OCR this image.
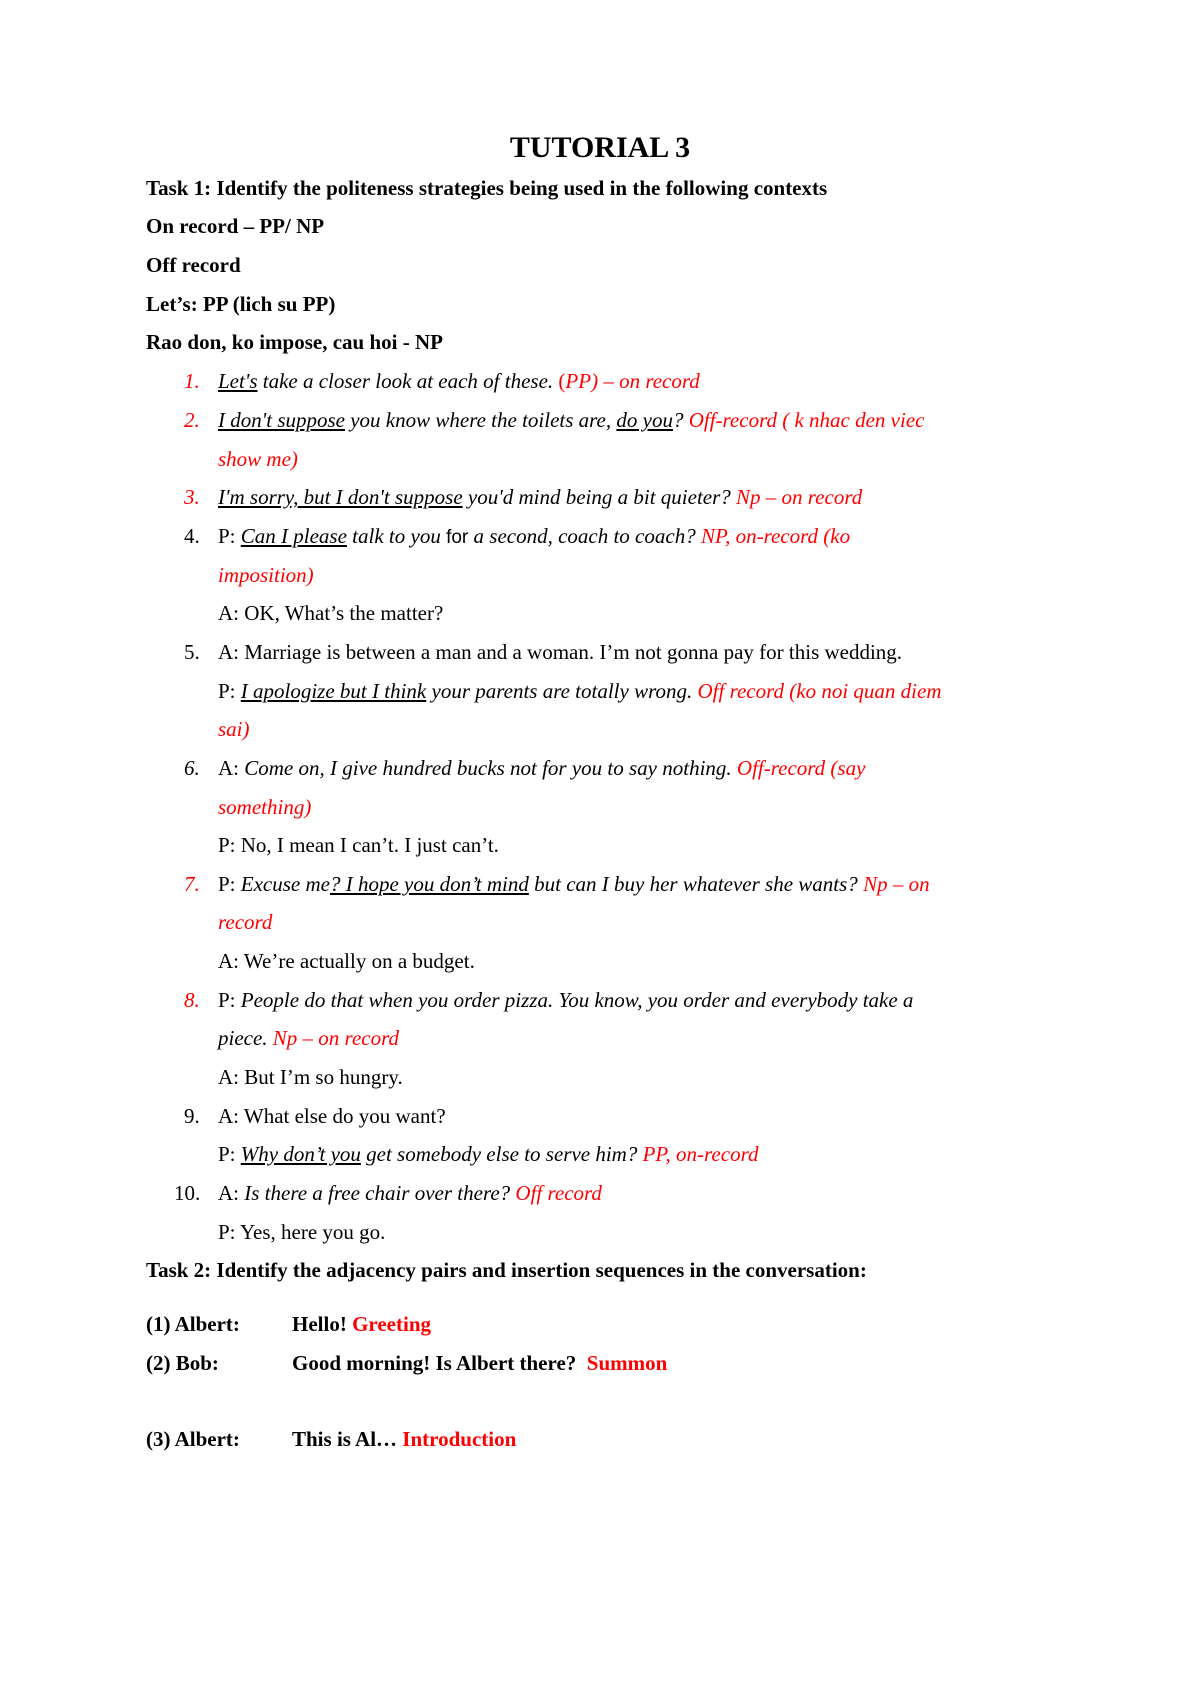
TUTORIAL 3
Task 1: Identify the politeness strategies being used in the following contexts
On record – PP/ NP
Off record
Let’s: PP (lich su PP)
Rao don, ko impose, cau hoi - NP
1. Let's take a closer look at each of these. (PP) – on record
2. I don't suppose you know where the toilets are, do you? Off-record ( k nhac den viec
show me)
3. I'm sorry, but I don't suppose you'd mind being a bit quieter? Np – on record
4. P: Can I please talk to you for a second, coach to coach? NP, on-record (ko
imposition)
A: OK, What’s the matter?
5. A: Marriage is between a man and a woman. I’m not gonna pay for this wedding.
P: I apologize but I think your parents are totally wrong. Off record (ko noi quan diem
sai)
6. A: Come on, I give hundred bucks not for you to say nothing. Off-record (say
something)
P: No, I mean I can’t. I just can’t.
7. P: Excuse me? I hope you don’t mind but can I buy her whatever she wants? Np – on
record
A: We’re actually on a budget.
8. P: People do that when you order pizza. You know, you order and everybody take a
piece. Np – on record
A: But I’m so hungry.
9. A: What else do you want?
P: Why don’t you get somebody else to serve him? PP, on-record
10. A: Is there a free chair over there? Off record
P: Yes, here you go.
Task 2: Identify the adjacency pairs and insertion sequences in the conversation:
(1) Albert: Hello! Greeting
(2) Bob:	Good morning! Is Albert there?  Summon
(3) Albert: This is Al… Introduction
